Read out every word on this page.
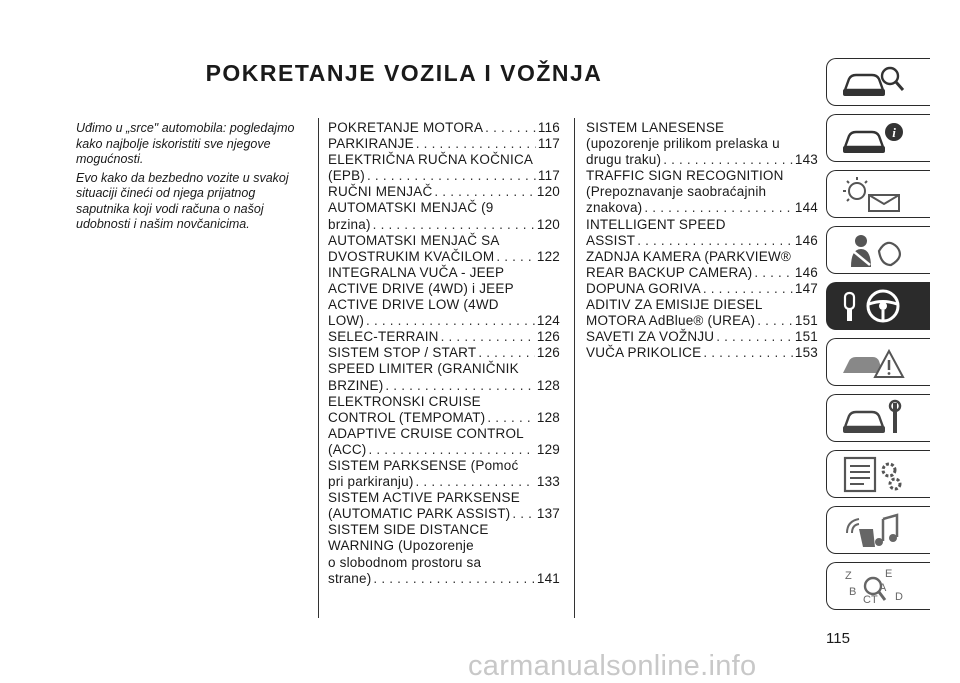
POKRETANJE VOZILA I VOŽNJA

Uđimo u „srce" automobila: pogledajmo kako najbolje iskoristiti sve njegove mogućnosti.

Evo kako da bezbedno vozite u svakoj situaciji čineći od njega prijatnog saputnika koji vodi računa o našoj udobnosti i našim novčanicima.

POKRETANJE MOTORA . . .	116
PARKIRANJE . . .	117
ELEKTRIČNA RUČNA KOČNICA
(EPB) . . .	117
RUČNI MENJAČ . . .	120
AUTOMATSKI MENJAČ (9
brzina) . . .	120
AUTOMATSKI MENJAČ SA
DVOSTRUKIM KVAČILOM . . .	122
INTEGRALNA VUČA - JEEP
ACTIVE DRIVE (4WD) i JEEP
ACTIVE DRIVE LOW (4WD
LOW) . . .	124
SELEC-TERRAIN . . .	126
SISTEM STOP / START . . .	126
SPEED LIMITER (GRANIČNIK
BRZINE) . . .	128
ELEKTRONSKI CRUISE
CONTROL (TEMPOMAT) . . .	128
ADAPTIVE CRUISE CONTROL
(ACC) . . .	129
SISTEM PARKSENSE (Pomoć
pri parkiranju) . . .	133
SISTEM ACTIVE PARKSENSE
(AUTOMATIC PARK ASSIST) . . . 137
SISTEM SIDE DISTANCE
WARNING (Upozorenje
o slobodnom prostoru sa
strane) . . .	141
SISTEM LANESENSE
(upozorenje prilikom prelaska u
drugu traku) . . .	143
TRAFFIC SIGN RECOGNITION
(Prepoznavanje saobraćajnih
znakova) . . .	144
INTELLIGENT SPEED
ASSIST . . .	146
ZADNJA KAMERA (PARKVIEW®
REAR BACKUP CAMERA) . . .	146
DOPUNA GORIVA . . .	147
ADITIV ZA EMISIJE DIESEL
MOTORA AdBlue® (UREA) . . .	151
SAVETI ZA VOŽNJU . . .	151
VUČA PRIKOLICE . . .	153
i
Z	E
B A
C T D
115
carmanualsonline.info
